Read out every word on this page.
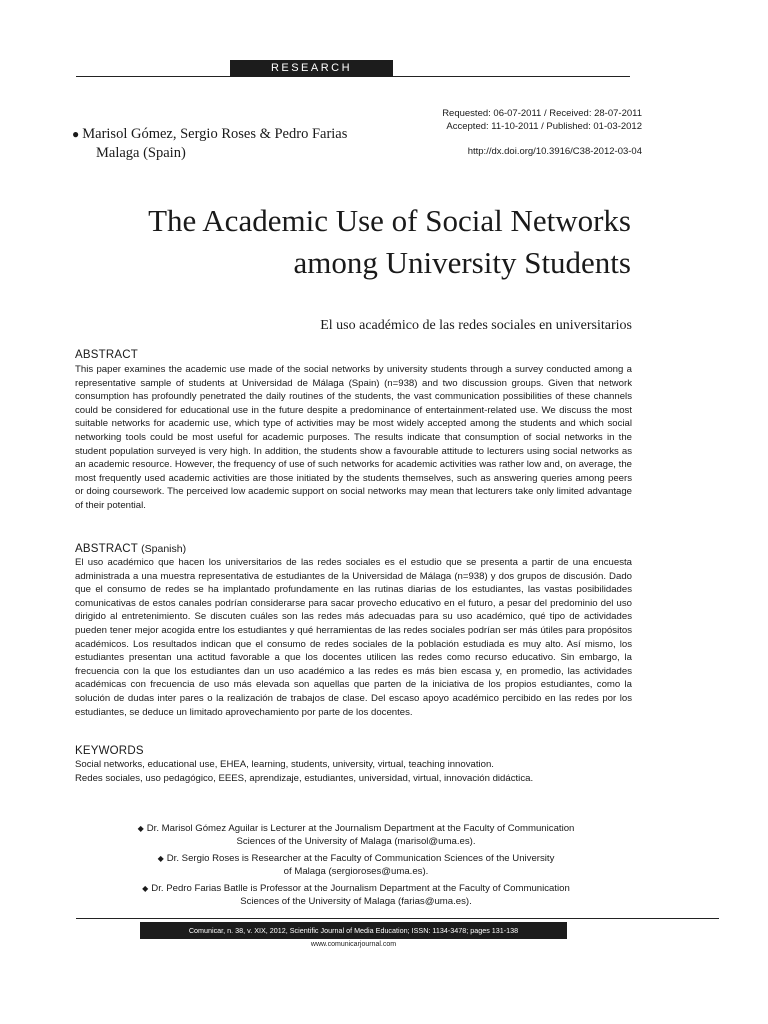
RESEARCH
● Marisol Gómez, Sergio Roses & Pedro Farias
Malaga (Spain)
Requested: 06-07-2011 / Received: 28-07-2011
Accepted: 11-10-2011 / Published: 01-03-2012
http://dx.doi.org/10.3916/C38-2012-03-04
The Academic Use of Social Networks
among University Students
El uso académico de las redes sociales en universitarios
ABSTRACT

This paper examines the academic use made of the social networks by university students through a survey conducted among a representative sample of students at Universidad de Málaga (Spain) (n=938) and two discussion groups. Given that network consumption has profoundly penetrated the daily routines of the students, the vast communication possibilities of these channels could be considered for educational use in the future despite a predominance of entertainment-related use. We discuss the most suitable networks for academic use, which type of activities may be most widely accepted among the students and which social networking tools could be most useful for academic purposes. The results indicate that consumption of social networks in the student population surveyed is very high. In addition, the students show a favourable attitude to lecturers using social networks as an academic resource. However, the frequency of use of such networks for academic activities was rather low and, on average, the most frequently used academic activities are those initiated by the students themselves, such as answering queries among peers or doing coursework. The perceived low academic support on social networks may mean that lecturers take only limited advantage of their potential.

ABSTRACT (Spanish)

El uso académico que hacen los universitarios de las redes sociales es el estudio que se presenta a partir de una encuesta administrada a una muestra representativa de estudiantes de la Universidad de Málaga (n=938) y dos grupos de discusión. Dado que el consumo de redes se ha implantado profundamente en las rutinas diarias de los estudiantes, las vastas posibilidades comunicativas de estos canales podrían considerarse para sacar provecho educativo en el futuro, a pesar del predominio del uso dirigido al entretenimiento. Se discuten cuáles son las redes más adecuadas para su uso académico, qué tipo de actividades pueden tener mejor acogida entre los estudiantes y qué herramientas de las redes sociales podrían ser más útiles para propósitos académicos. Los resultados indican que el consumo de redes sociales de la población estudiada es muy alto. Así mismo, los estudiantes presentan una actitud favorable a que los docentes utilicen las redes como recurso educativo. Sin embargo, la frecuencia con la que los estudiantes dan un uso académico a las redes es más bien escasa y, en promedio, las actividades académicas con frecuencia de uso más elevada son aquellas que parten de la iniciativa de los propios estudiantes, como la solución de dudas inter pares o la realización de trabajos de clase. Del escaso apoyo académico percibido en las redes por los estudiantes, se deduce un limitado aprovechamiento por parte de los docentes.

KEYWORDS

Social networks, educational use, EHEA, learning, students, university, virtual, teaching innovation.

Redes sociales, uso pedagógico, EEES, aprendizaje, estudiantes, universidad, virtual, innovación didáctica.

◆ Dr. Marisol Gómez Aguilar is Lecturer at the Journalism Department at the Faculty of Communication
Sciences of the University of Malaga (marisol@uma.es).

◆ Dr. Sergio Roses is Researcher at the Faculty of Communication Sciences of the University
of Malaga (sergioroses@uma.es).

◆ Dr. Pedro Farias Batlle is Professor at the Journalism Department at the Faculty of Communication
Sciences of the University of Malaga (farias@uma.es).

Comunicar, n. 38, v. XIX, 2012, Scientific Journal of Media Education; ISSN: 1134-3478; pages 131-138
www.comunicarjournal.com
